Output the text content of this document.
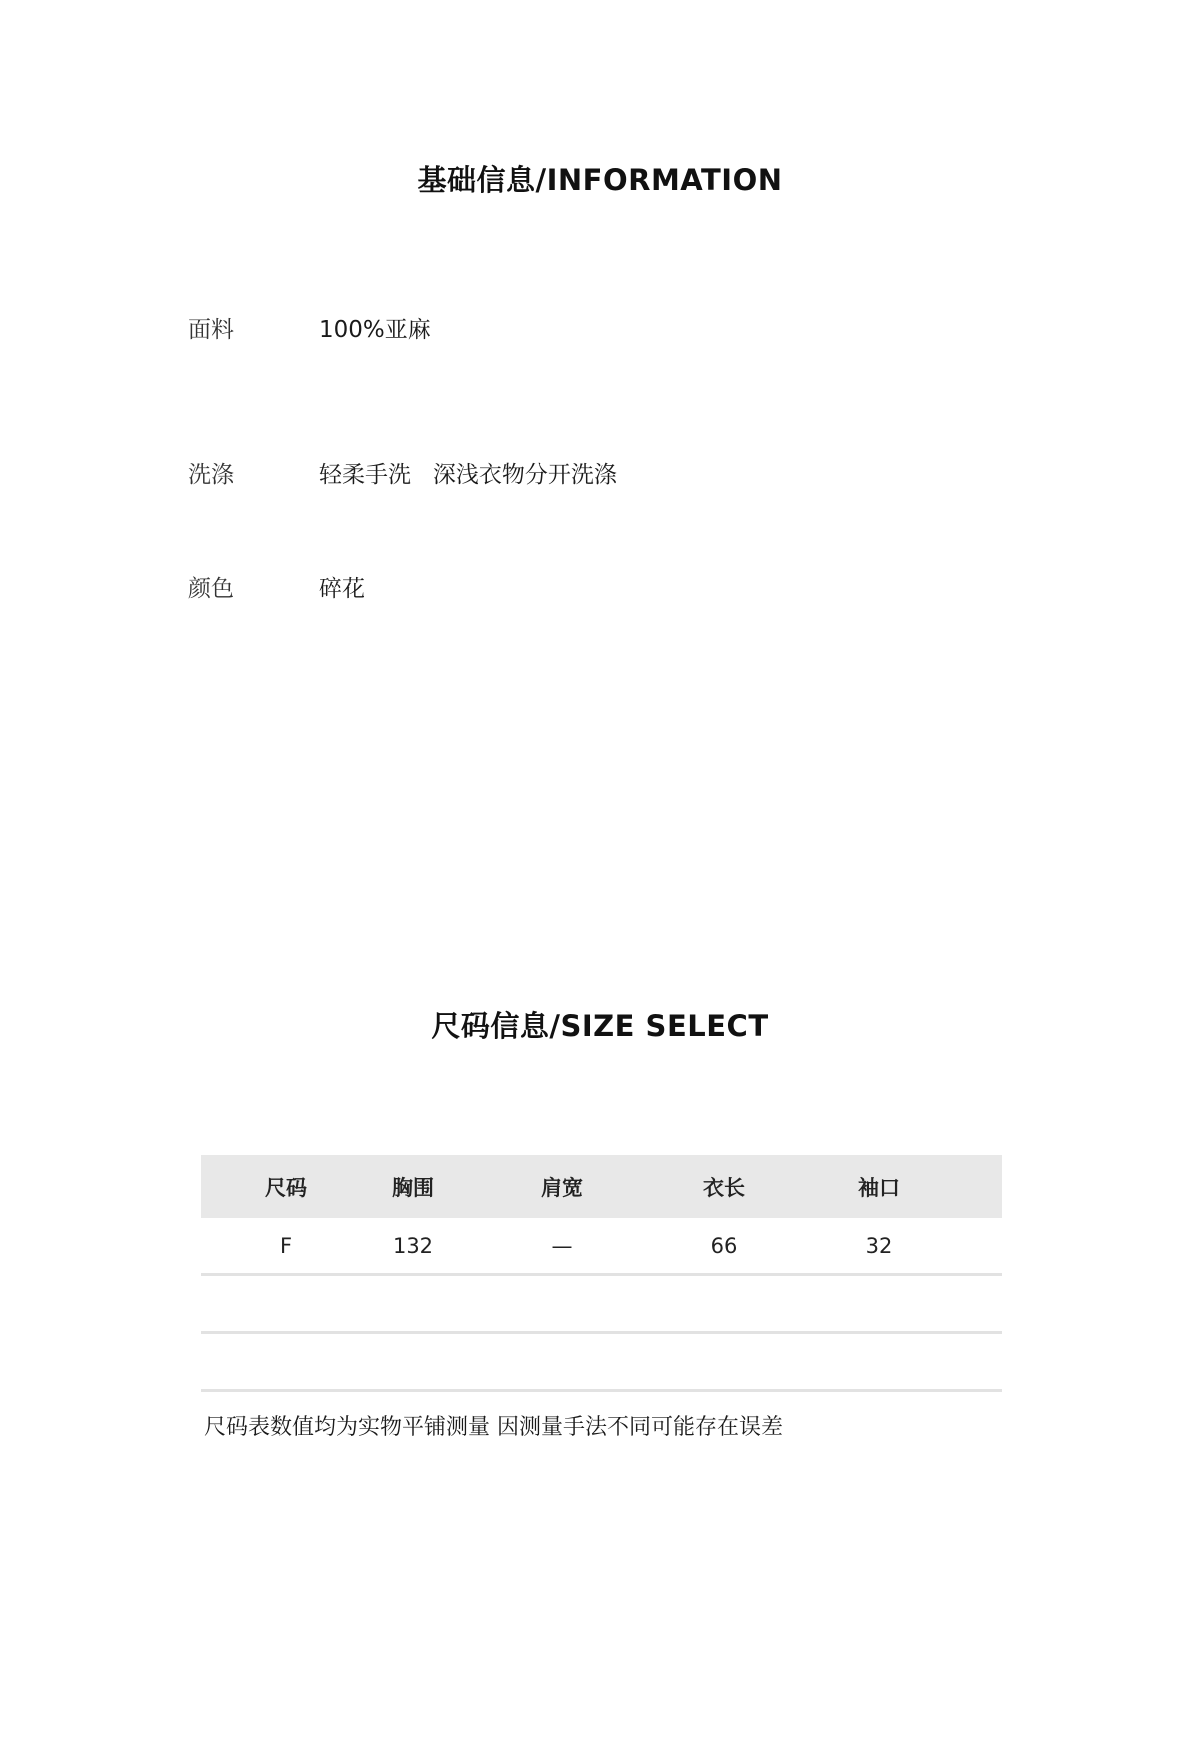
基础信息/INFORMATION
面料	100%亚麻
洗涤	轻柔手洗   深浅衣物分开洗涤
颜色	碎花
尺码信息/SIZE SELECT
尺码	胸围	肩宽	衣长	袖口
F	132	—	66	32
尺码表数值均为实物平铺测量 因测量手法不同可能存在误差
